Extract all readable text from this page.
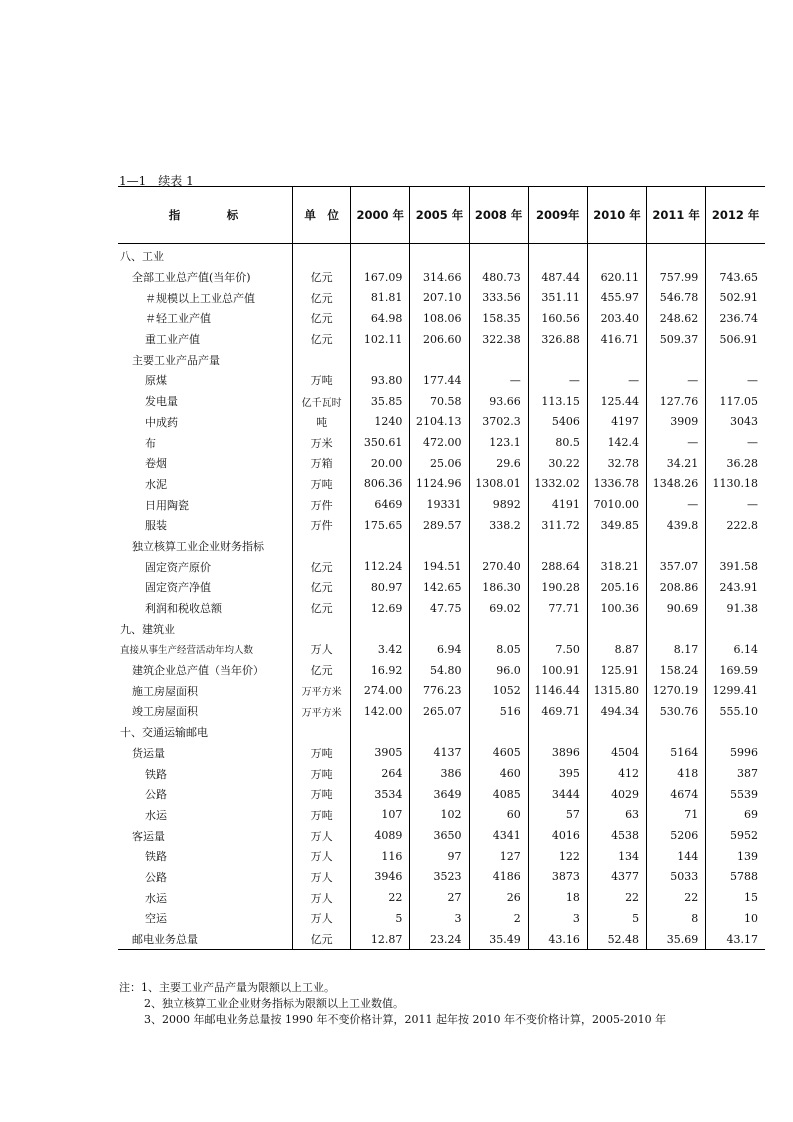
1—1　续表 1
指　　　标	单　位	2000 年	2005 年	2008 年	2009年	2010 年	2011 年	2012 年
八、工业								
全部工业总产值(当年价)	亿元	167.09	314.66	480.73	487.44	620.11	757.99	743.65
＃规模以上工业总产值	亿元	81.81	207.10	333.56	351.11	455.97	546.78	502.91
＃轻工业产值	亿元	64.98	108.06	158.35	160.56	203.40	248.62	236.74
重工业产值	亿元	102.11	206.60	322.38	326.88	416.71	509.37	506.91
主要工业产品产量								
原煤	万吨	93.80	177.44	—	—	—	—	—
发电量	亿千瓦时	35.85	70.58	93.66	113.15	125.44	127.76	117.05
中成药	吨	1240	2104.13	3702.3	5406	4197	3909	3043
布	万米	350.61	472.00	123.1	80.5	142.4	—	—
卷烟	万箱	20.00	25.06	29.6	30.22	32.78	34.21	36.28
水泥	万吨	806.36	1124.96	1308.01	1332.02	1336.78	1348.26	1130.18
日用陶瓷	万件	6469	19331	9892	4191	7010.00	—	—
服装	万件	175.65	289.57	338.2	311.72	349.85	439.8	222.8
独立核算工业企业财务指标								
固定资产原价	亿元	112.24	194.51	270.40	288.64	318.21	357.07	391.58
固定资产净值	亿元	80.97	142.65	186.30	190.28	205.16	208.86	243.91
利润和税收总额	亿元	12.69	47.75	69.02	77.71	100.36	90.69	91.38
九、建筑业								
直接从事生产经营活动年均人数	万人	3.42	6.94	8.05	7.50	8.87	8.17	6.14
建筑企业总产值（当年价）	亿元	16.92	54.80	96.0	100.91	125.91	158.24	169.59
施工房屋面积	万平方米	274.00	776.23	1052	1146.44	1315.80	1270.19	1299.41
竣工房屋面积	万平方米	142.00	265.07	516	469.71	494.34	530.76	555.10
十、交通运输邮电								
货运量	万吨	3905	4137	4605	3896	4504	5164	5996
铁路	万吨	264	386	460	395	412	418	387
公路	万吨	3534	3649	4085	3444	4029	4674	5539
水运	万吨	107	102	60	57	63	71	69
客运量	万人	4089	3650	4341	4016	4538	5206	5952
铁路	万人	116	97	127	122	134	144	139
公路	万人	3946	3523	4186	3873	4377	5033	5788
水运	万人	22	27	26	18	22	22	15
空运	万人	5	3	2	3	5	8	10
邮电业务总量	亿元	12.87	23.24	35.49	43.16	52.48	35.69	43.17
注：1、主要工业产品产量为限额以上工业。
2、独立核算工业企业财务指标为限额以上工业数值。
3、2000 年邮电业务总量按 1990 年不变价格计算，2011 起年按 2010 年不变价格计算，2005-2010 年
